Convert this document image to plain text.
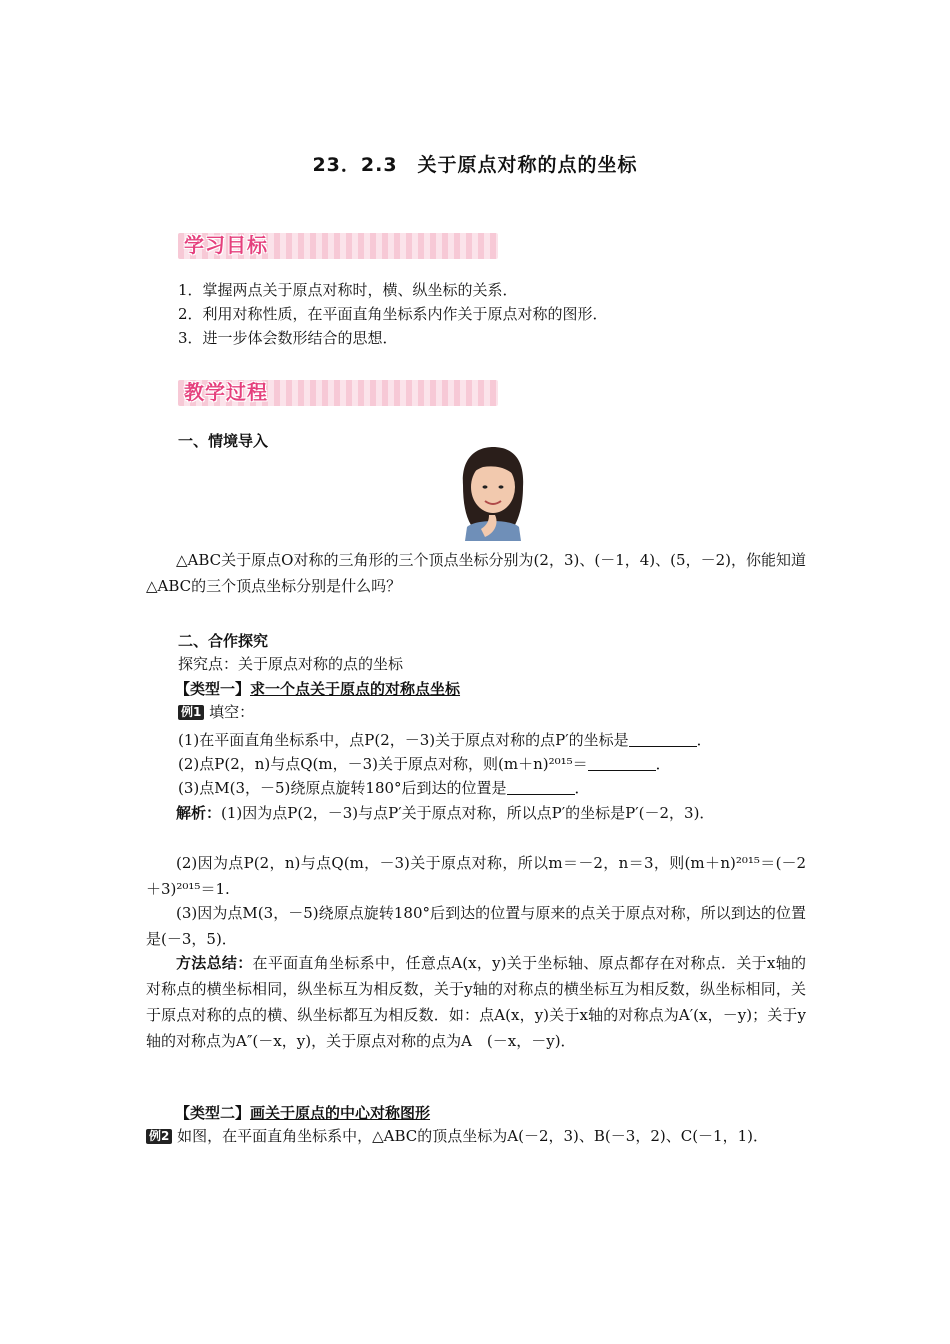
23．2.3　关于原点对称的点的坐标
学习目标
1．掌握两点关于原点对称时，横、纵坐标的关系．
2．利用对称性质，在平面直角坐标系内作关于原点对称的图形．
3．进一步体会数形结合的思想．
教学过程
一、情境导入
△ABC关于原点O对称的三角形的三个顶点坐标分别为(2，3)、(－1，4)、(5，－2)，你能知道△ABC的三个顶点坐标分别是什么吗？
二、合作探究
探究点：关于原点对称的点的坐标
【类型一】求一个点关于原点的对称点坐标
例1 填空：
(1)在平面直角坐标系中，点P(2，－3)关于原点对称的点P′的坐标是	．
(2)点P(2，n)与点Q(m，－3)关于原点对称，则(m＋n)²⁰¹⁵＝	．
(3)点M(3，－5)绕原点旋转180°后到达的位置是	．
解析：(1)因为点P(2，－3)与点P′关于原点对称，所以点P′的坐标是P′(－2，3)．
(2)因为点P(2，n)与点Q(m，－3)关于原点对称，所以m＝－2，n＝3，则(m＋n)²⁰¹⁵＝(－2＋3)²⁰¹⁵＝1.
(3)因为点M(3，－5)绕原点旋转180°后到达的位置与原来的点关于原点对称，所以到达的位置是(－3，5)．
方法总结：在平面直角坐标系中，任意点A(x，y)关于坐标轴、原点都存在对称点．关于x轴的对称点的横坐标相同，纵坐标互为相反数，关于y轴的对称点的横坐标互为相反数，纵坐标相同，关于原点对称的点的横、纵坐标都互为相反数．如：点A(x，y)关于x轴的对称点为A′(x，－y)；关于y轴的对称点为A″(－x，y)，关于原点对称的点为A　(－x，－y)．
【类型二】画关于原点的中心对称图形
例2 如图，在平面直角坐标系中，△ABC的顶点坐标为A(－2，3)、B(－3，2)、C(－1，1)．
